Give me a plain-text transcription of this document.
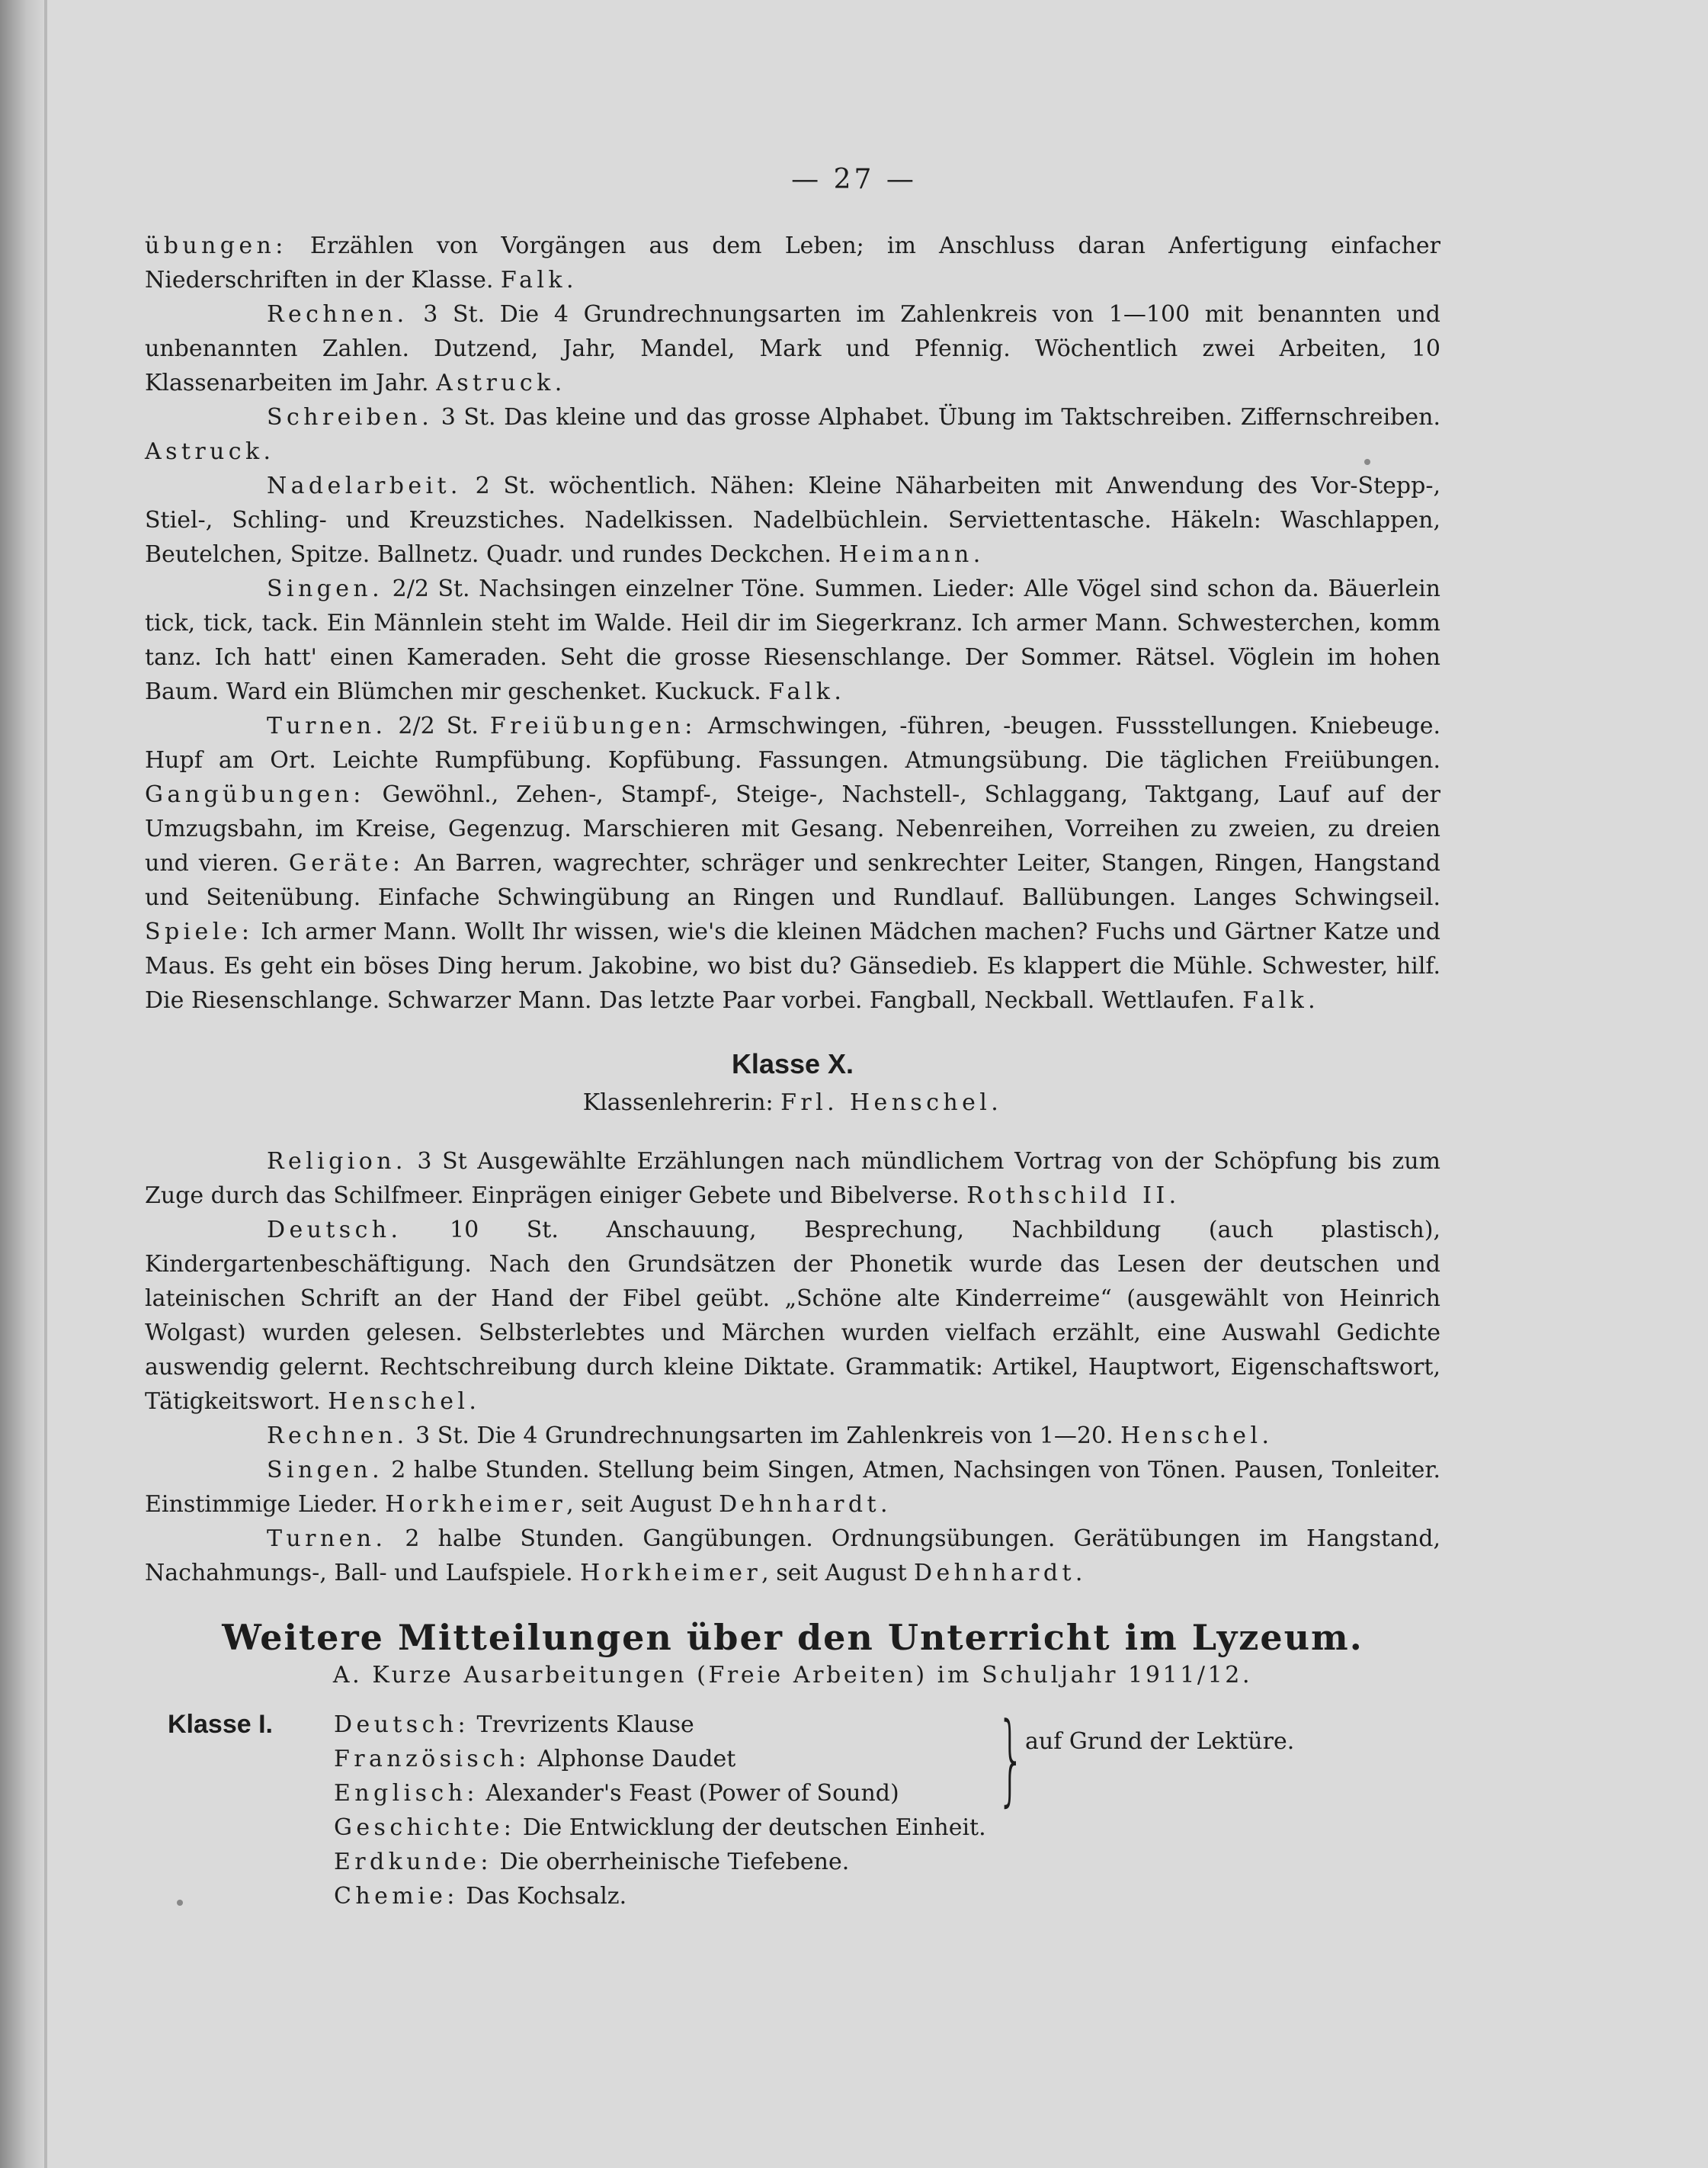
— 27 —

übungen: Erzählen von Vorgängen aus dem Leben; im Anschluss daran Anfertigung einfacher Niederschriften in der Klasse. Falk.

Rechnen. 3 St. Die 4 Grundrechnungsarten im Zahlenkreis von 1—100 mit benannten und unbenannten Zahlen. Dutzend, Jahr, Mandel, Mark und Pfennig. Wöchentlich zwei Arbeiten, 10 Klassenarbeiten im Jahr. Astruck.

Schreiben. 3 St. Das kleine und das grosse Alphabet. Übung im Taktschreiben. Ziffernschreiben. Astruck.

Nadelarbeit. 2 St. wöchentlich. Nähen: Kleine Näharbeiten mit Anwendung des Vor-Stepp-, Stiel-, Schling- und Kreuzstiches. Nadelkissen. Nadelbüchlein. Serviettentasche. Häkeln: Waschlappen, Beutelchen, Spitze. Ballnetz. Quadr. und rundes Deckchen. Heimann.

Singen. 2/2 St. Nachsingen einzelner Töne. Summen. Lieder: Alle Vögel sind schon da. Bäuerlein tick, tick, tack. Ein Männlein steht im Walde. Heil dir im Siegerkranz. Ich armer Mann. Schwesterchen, komm tanz. Ich hatt' einen Kameraden. Seht die grosse Riesenschlange. Der Sommer. Rätsel. Vöglein im hohen Baum. Ward ein Blümchen mir geschenket. Kuckuck. Falk.

Turnen. 2/2 St. Freiübungen: Armschwingen, -führen, -beugen. Fussstellungen. Kniebeuge. Hupf am Ort. Leichte Rumpfübung. Kopfübung. Fassungen. Atmungsübung. Die täglichen Freiübungen. Gangübungen: Gewöhnl., Zehen-, Stampf-, Steige-, Nachstell-, Schlaggang, Taktgang, Lauf auf der Umzugsbahn, im Kreise, Gegenzug. Marschieren mit Gesang. Nebenreihen, Vorreihen zu zweien, zu dreien und vieren. Geräte: An Barren, wagrechter, schräger und senkrechter Leiter, Stangen, Ringen, Hangstand und Seitenübung. Einfache Schwingübung an Ringen und Rundlauf. Ballübungen. Langes Schwingseil. Spiele: Ich armer Mann. Wollt Ihr wissen, wie's die kleinen Mädchen machen? Fuchs und Gärtner Katze und Maus. Es geht ein böses Ding herum. Jakobine, wo bist du? Gänsedieb. Es klappert die Mühle. Schwester, hilf. Die Riesenschlange. Schwarzer Mann. Das letzte Paar vorbei. Fangball, Neckball. Wettlaufen. Falk.

Klasse X.
Klassenlehrerin: Frl. Henschel.

Religion. 3 St Ausgewählte Erzählungen nach mündlichem Vortrag von der Schöpfung bis zum Zuge durch das Schilfmeer. Einprägen einiger Gebete und Bibelverse. Rothschild II.

Deutsch. 10 St. Anschauung, Besprechung, Nachbildung (auch plastisch), Kindergartenbeschäftigung. Nach den Grundsätzen der Phonetik wurde das Lesen der deutschen und lateinischen Schrift an der Hand der Fibel geübt. „Schöne alte Kinderreime“ (ausgewählt von Heinrich Wolgast) wurden gelesen. Selbsterlebtes und Märchen wurden vielfach erzählt, eine Auswahl Gedichte auswendig gelernt. Rechtschreibung durch kleine Diktate. Grammatik: Artikel, Hauptwort, Eigenschaftswort, Tätigkeitswort. Henschel.

Rechnen. 3 St. Die 4 Grundrechnungsarten im Zahlenkreis von 1—20. Henschel.

Singen. 2 halbe Stunden. Stellung beim Singen, Atmen, Nachsingen von Tönen. Pausen, Tonleiter. Einstimmige Lieder. Horkheimer, seit August Dehnhardt.

Turnen. 2 halbe Stunden. Gangübungen. Ordnungsübungen. Gerätübungen im Hangstand, Nachahmungs-, Ball- und Laufspiele. Horkheimer, seit August Dehnhardt.

Weitere Mitteilungen über den Unterricht im Lyzeum.
A. Kurze Ausarbeitungen (Freie Arbeiten) im Schuljahr 1911/12.
Klasse I.	Deutsch: Trevrizents Klause
Französisch: Alphonse Daudet
Englisch: Alexander's Feast (Power of Sound)
Geschichte: Die Entwicklung der deutschen Einheit.
Erdkunde: Die oberrheinische Tiefebene.
Chemie: Das Kochsalz.
} auf Grund der Lektüre.
